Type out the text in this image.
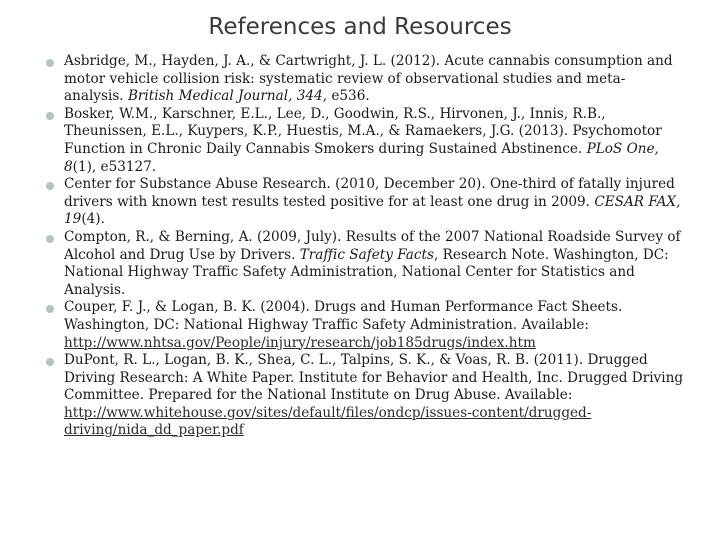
References and Resources
Asbridge, M., Hayden, J. A., & Cartwright, J. L. (2012). Acute cannabis consumption and motor vehicle collision risk: systematic review of observational studies and meta-analysis. British Medical Journal, 344, e536.
Bosker, W.M., Karschner, E.L., Lee, D., Goodwin, R.S., Hirvonen, J., Innis, R.B., Theunissen, E.L., Kuypers, K.P., Huestis, M.A., & Ramaekers, J.G. (2013). Psychomotor Function in Chronic Daily Cannabis Smokers during Sustained Abstinence. PLoS One, 8(1), e53127.
Center for Substance Abuse Research. (2010, December 20). One-third of fatally injured drivers with known test results tested positive for at least one drug in 2009. CESAR FAX, 19(4).
Compton, R., & Berning, A. (2009, July). Results of the 2007 National Roadside Survey of Alcohol and Drug Use by Drivers. Traffic Safety Facts, Research Note. Washington, DC: National Highway Traffic Safety Administration, National Center for Statistics and Analysis.
Couper, F. J., & Logan, B. K. (2004). Drugs and Human Performance Fact Sheets. Washington, DC: National Highway Traffic Safety Administration. Available: http://www.nhtsa.gov/People/injury/research/job185drugs/index.htm
DuPont, R. L., Logan, B. K., Shea, C. L., Talpins, S. K., & Voas, R. B. (2011). Drugged Driving Research: A White Paper. Institute for Behavior and Health, Inc. Drugged Driving Committee. Prepared for the National Institute on Drug Abuse. Available: http://www.whitehouse.gov/sites/default/files/ondcp/issues-content/drugged-driving/nida_dd_paper.pdf
